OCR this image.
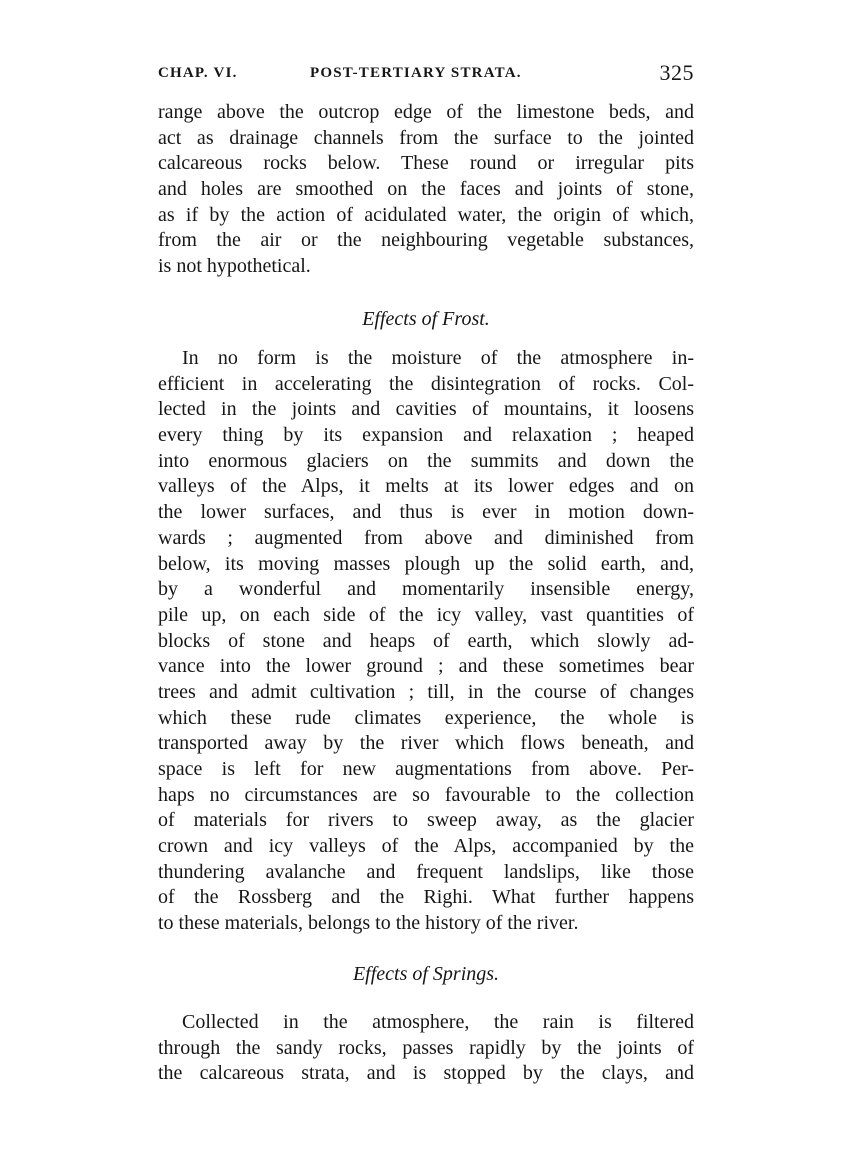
CHAP. VI.	POST-TERTIARY STRATA.	325
range above the outcrop edge of the limestone beds, and
act as drainage channels from the surface to the jointed
calcareous rocks below. These round or irregular pits
and holes are smoothed on the faces and joints of stone,
as if by the action of acidulated water, the origin of which,
from the air or the neighbouring vegetable substances,
is not hypothetical.
Effects of Frost.
In no form is the moisture of the atmosphere in-
efficient in accelerating the disintegration of rocks. Col-
lected in the joints and cavities of mountains, it loosens
every thing by its expansion and relaxation ; heaped
into enormous glaciers on the summits and down the
valleys of the Alps, it melts at its lower edges and on
the lower surfaces, and thus is ever in motion down-
wards ; augmented from above and diminished from
below, its moving masses plough up the solid earth, and,
by a wonderful and momentarily insensible energy,
pile up, on each side of the icy valley, vast quantities of
blocks of stone and heaps of earth, which slowly ad-
vance into the lower ground ; and these sometimes bear
trees and admit cultivation ; till, in the course of changes
which these rude climates experience, the whole is
transported away by the river which flows beneath, and
space is left for new augmentations from above. Per-
haps no circumstances are so favourable to the collection
of materials for rivers to sweep away, as the glacier
crown and icy valleys of the Alps, accompanied by the
thundering avalanche and frequent landslips, like those
of the Rossberg and the Righi. What further happens
to these materials, belongs to the history of the river.
Effects of Springs.
Collected in the atmosphere, the rain is filtered
through the sandy rocks, passes rapidly by the joints of
the calcareous strata, and is stopped by the clays, and
